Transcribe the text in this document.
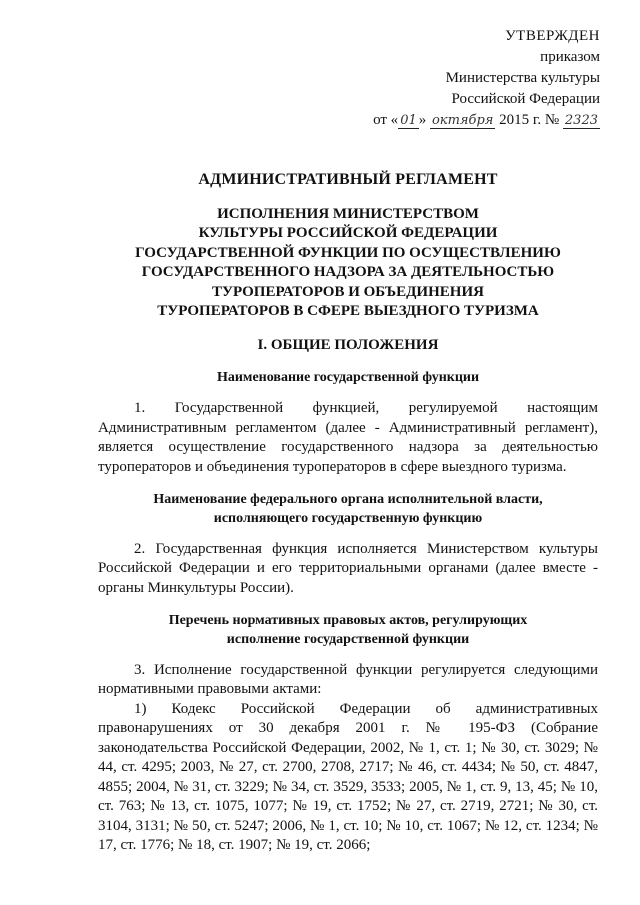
УТВЕРЖДЕН
приказом
Министерства культуры
Российской Федерации
от « 01 » октября 2015 г. № 2323
АДМИНИСТРАТИВНЫЙ РЕГЛАМЕНТ
ИСПОЛНЕНИЯ МИНИСТЕРСТВОМ
КУЛЬТУРЫ РОССИЙСКОЙ ФЕДЕРАЦИИ
ГОСУДАРСТВЕННОЙ ФУНКЦИИ ПО ОСУЩЕСТВЛЕНИЮ
ГОСУДАРСТВЕННОГО НАДЗОРА ЗА ДЕЯТЕЛЬНОСТЬЮ
ТУРОПЕРАТОРОВ И ОБЪЕДИНЕНИЯ
ТУРОПЕРАТОРОВ В СФЕРЕ ВЫЕЗДНОГО ТУРИЗМА
I. ОБЩИЕ ПОЛОЖЕНИЯ
Наименование государственной функции

1. Государственной функцией, регулируемой настоящим Административным регламентом (далее - Административный регламент), является осуществление государственного надзора за деятельностью туроператоров и объединения туроператоров в сфере выездного туризма.

Наименование федерального органа исполнительной власти,
исполняющего государственную функцию

2. Государственная функция исполняется Министерством культуры Российской Федерации и его территориальными органами (далее вместе - органы Минкультуры России).

Перечень нормативных правовых актов, регулирующих
исполнение государственной функции

3. Исполнение государственной функции регулируется следующими нормативными правовыми актами:

1) Кодекс Российской Федерации об административных правонарушениях от 30 декабря 2001 г. № 195-ФЗ (Собрание законодательства Российской Федерации, 2002, № 1, ст. 1; № 30, ст. 3029; № 44, ст. 4295; 2003, № 27, ст. 2700, 2708, 2717; № 46, ст. 4434; № 50, ст. 4847, 4855; 2004, № 31, ст. 3229; № 34, ст. 3529, 3533; 2005, № 1, ст. 9, 13, 45; № 10, ст. 763; № 13, ст. 1075, 1077; № 19, ст. 1752; № 27, ст. 2719, 2721; № 30, ст. 3104, 3131; № 50, ст. 5247; 2006, № 1, ст. 10; № 10, ст. 1067; № 12, ст. 1234; № 17, ст. 1776; № 18, ст. 1907; № 19, ст. 2066;
